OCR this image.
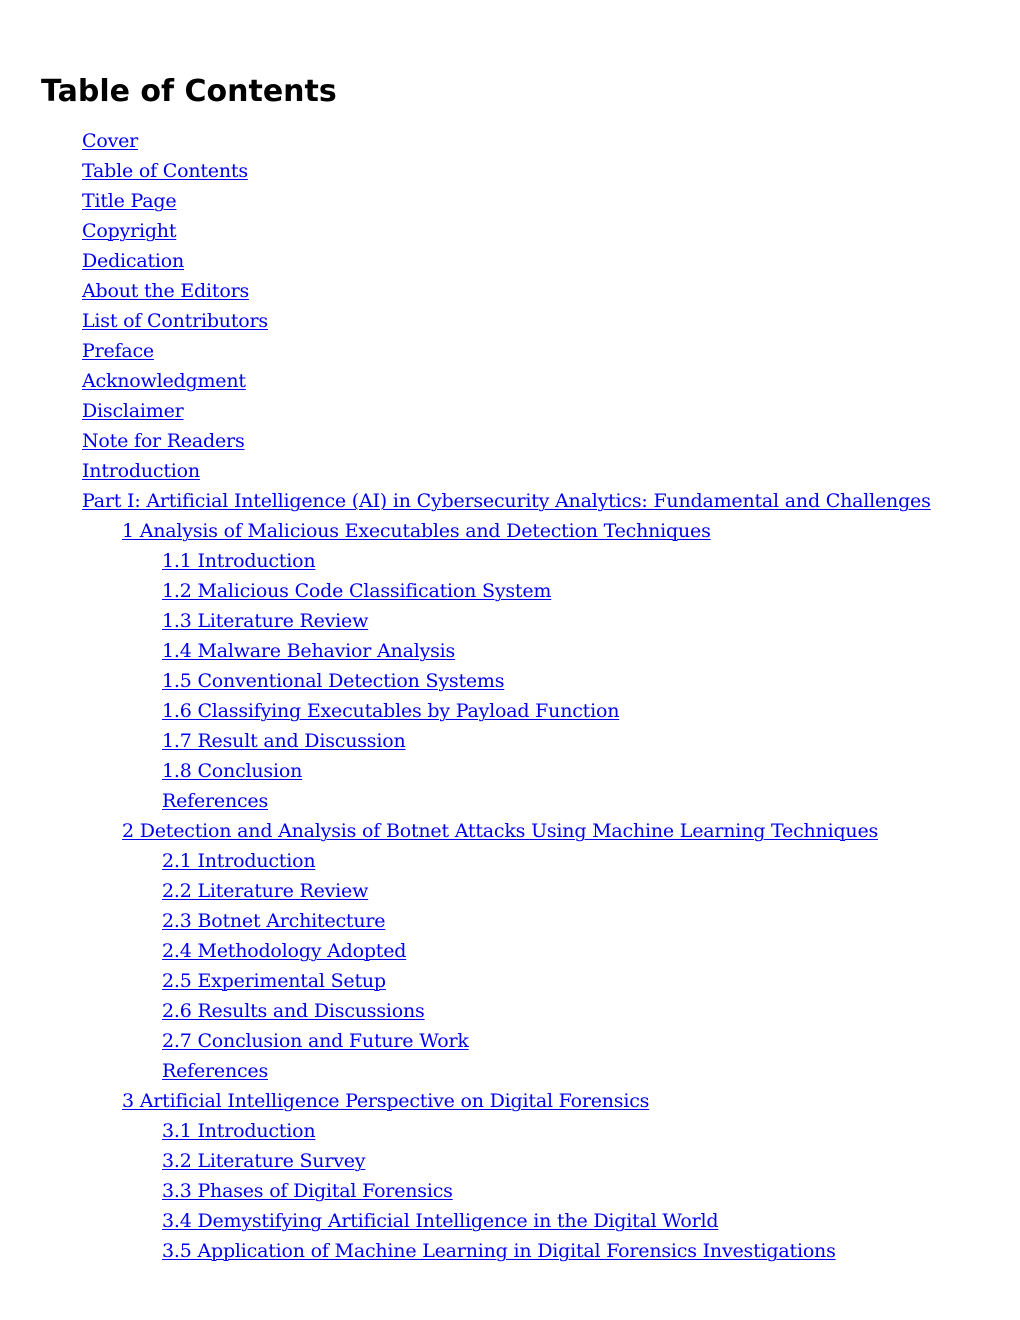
Table of Contents
Cover
Table of Contents
Title Page
Copyright
Dedication
About the Editors
List of Contributors
Preface
Acknowledgment
Disclaimer
Note for Readers
Introduction
Part I: Artificial Intelligence (AI) in Cybersecurity Analytics: Fundamental and Challenges
1 Analysis of Malicious Executables and Detection Techniques
1.1 Introduction
1.2 Malicious Code Classification System
1.3 Literature Review
1.4 Malware Behavior Analysis
1.5 Conventional Detection Systems
1.6 Classifying Executables by Payload Function
1.7 Result and Discussion
1.8 Conclusion
References
2 Detection and Analysis of Botnet Attacks Using Machine Learning Techniques
2.1 Introduction
2.2 Literature Review
2.3 Botnet Architecture
2.4 Methodology Adopted
2.5 Experimental Setup
2.6 Results and Discussions
2.7 Conclusion and Future Work
References
3 Artificial Intelligence Perspective on Digital Forensics
3.1 Introduction
3.2 Literature Survey
3.3 Phases of Digital Forensics
3.4 Demystifying Artificial Intelligence in the Digital World
3.5 Application of Machine Learning in Digital Forensics Investigations
